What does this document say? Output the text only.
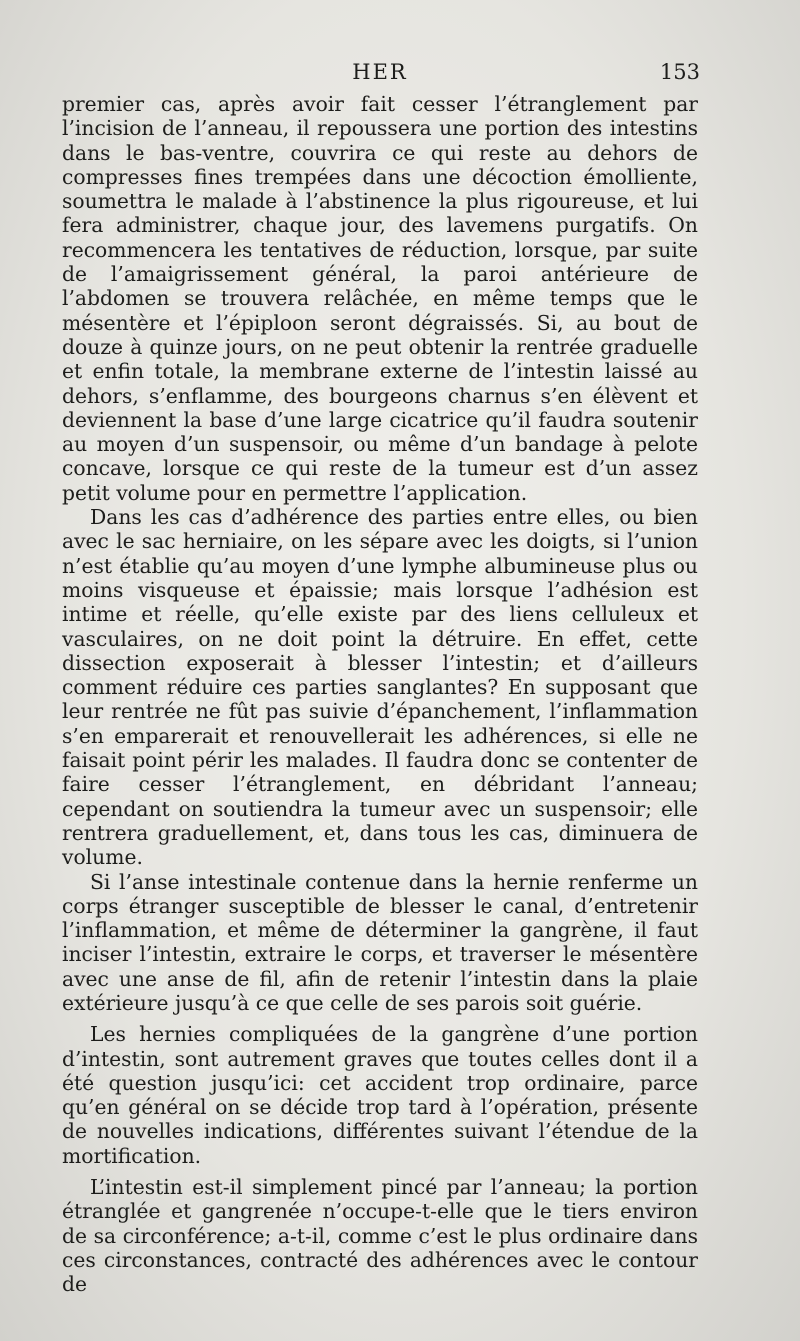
HER	153

premier cas, après avoir fait cesser l’étranglement par l’incision de l’anneau, il repoussera une portion des intestins dans le bas-ventre, couvrira ce qui reste au dehors de compresses fines trempées dans une décoction émolliente, soumettra le malade à l’abstinence la plus rigoureuse, et lui fera administrer, chaque jour, des lavemens purgatifs. On recommencera les tentatives de réduction, lorsque, par suite de l’amaigrissement général, la paroi antérieure de l’abdomen se trouvera relâchée, en même temps que le mésentère et l’épiploon seront dégraissés. Si, au bout de douze à quinze jours, on ne peut obtenir la rentrée graduelle et enfin totale, la membrane externe de l’intestin laissé au dehors, s’enflamme, des bourgeons charnus s’en élèvent et deviennent la base d’une large cicatrice qu’il faudra soutenir au moyen d’un suspensoir, ou même d’un bandage à pelote concave, lorsque ce qui reste de la tumeur est d’un assez petit volume pour en permettre l’application.

Dans les cas d’adhérence des parties entre elles, ou bien avec le sac herniaire, on les sépare avec les doigts, si l’union n’est établie qu’au moyen d’une lymphe albumineuse plus ou moins visqueuse et épaissie; mais lorsque l’adhésion est intime et réelle, qu’elle existe par des liens celluleux et vasculaires, on ne doit point la détruire. En effet, cette dissection exposerait à blesser l’intestin; et d’ailleurs comment réduire ces parties sanglantes? En supposant que leur rentrée ne fût pas suivie d’épanchement, l’inflammation s’en emparerait et renouvellerait les adhérences, si elle ne faisait point périr les malades. Il faudra donc se contenter de faire cesser l’étranglement, en débridant l’anneau; cependant on soutiendra la tumeur avec un suspensoir; elle rentrera graduellement, et, dans tous les cas, diminuera de volume.

Si l’anse intestinale contenue dans la hernie renferme un corps étranger susceptible de blesser le canal, d’entretenir l’inflammation, et même de déterminer la gangrène, il faut inciser l’intestin, extraire le corps, et traverser le mésentère avec une anse de fil, afin de retenir l’intestin dans la plaie extérieure jusqu’à ce que celle de ses parois soit guérie.

Les hernies compliquées de la gangrène d’une portion d’intestin, sont autrement graves que toutes celles dont il a été question jusqu’ici: cet accident trop ordinaire, parce qu’en général on se décide trop tard à l’opération, présente de nouvelles indications, différentes suivant l’étendue de la mortification.

L’intestin est-il simplement pincé par l’anneau; la portion étranglée et gangrenée n’occupe-t-elle que le tiers environ de sa circonférence; a-t-il, comme c’est le plus ordinaire dans ces circonstances, contracté des adhérences avec le contour de
